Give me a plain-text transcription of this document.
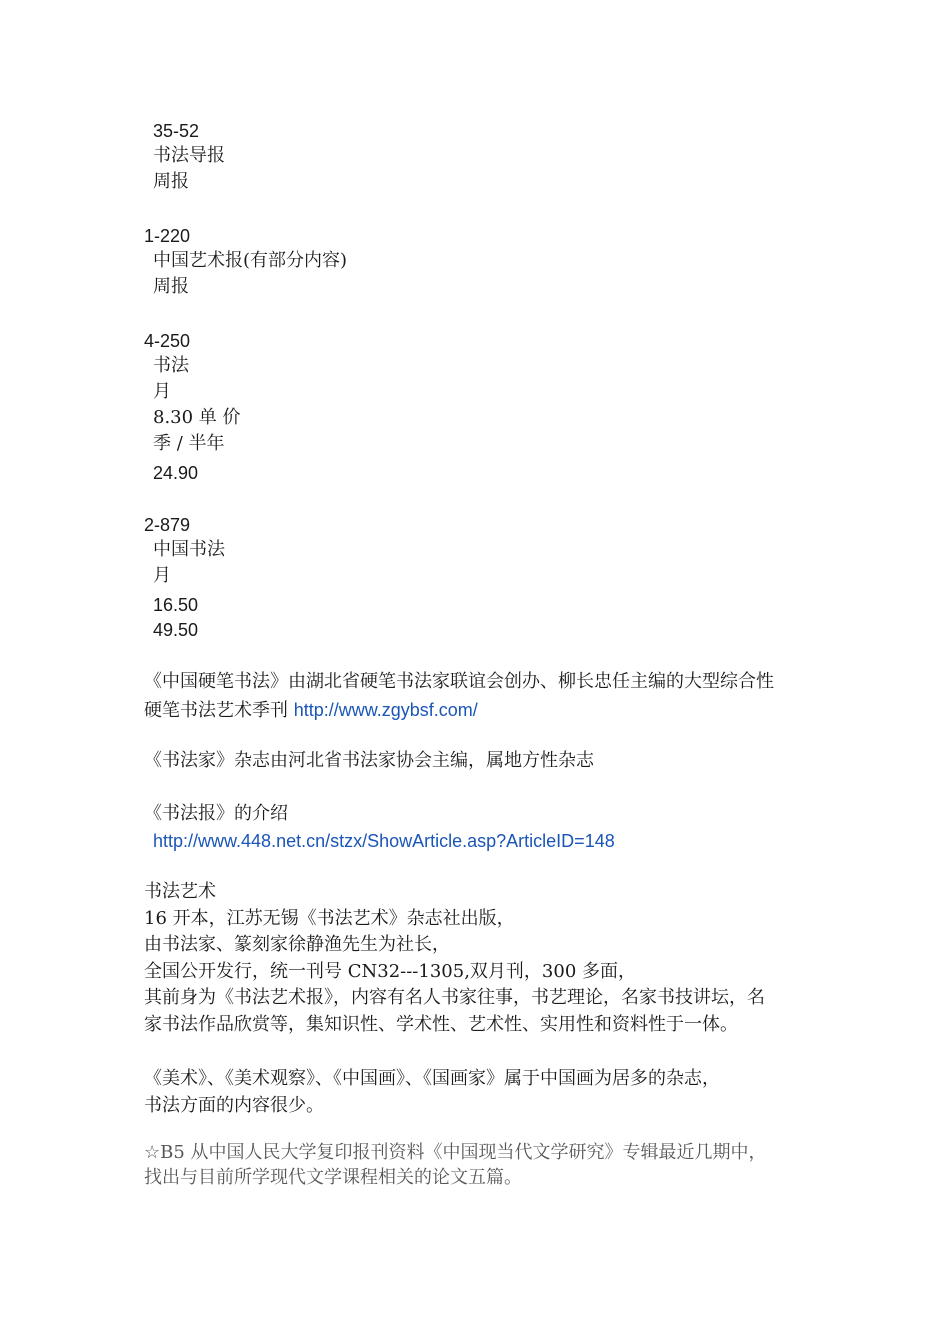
35-52
书法导报
周报
1-220
中国艺术报(有部分内容)
周报
4-250
书法
月
8.30 单 价
季 / 半年
24.90
2-879
中国书法
月
16.50
49.50
《中国硬笔书法》由湖北省硬笔书法家联谊会创办、柳长忠任主编的大型综合性
硬笔书法艺术季刊 http://www.zgybsf.com/
《书法家》杂志由河北省书法家协会主编，属地方性杂志
《书法报》的介绍
http://www.448.net.cn/stzx/ShowArticle.asp?ArticleID=148
书法艺术
16 开本，江苏无锡《书法艺术》杂志社出版，
由书法家、篆刻家徐静渔先生为社长，
全国公开发行，统一刊号 CN32---1305,双月刊，300 多面，
其前身为《书法艺术报》，内容有名人书家往事，书艺理论，名家书技讲坛，名
家书法作品欣赏等，集知识性、学术性、艺术性、实用性和资料性于一体。
《美术》、《美术观察》、《中国画》、《国画家》属于中国画为居多的杂志，
书法方面的内容很少。
☆B5 从中国人民大学复印报刊资料《中国现当代文学研究》专辑最近几期中，
找出与目前所学现代文学课程相关的论文五篇。
